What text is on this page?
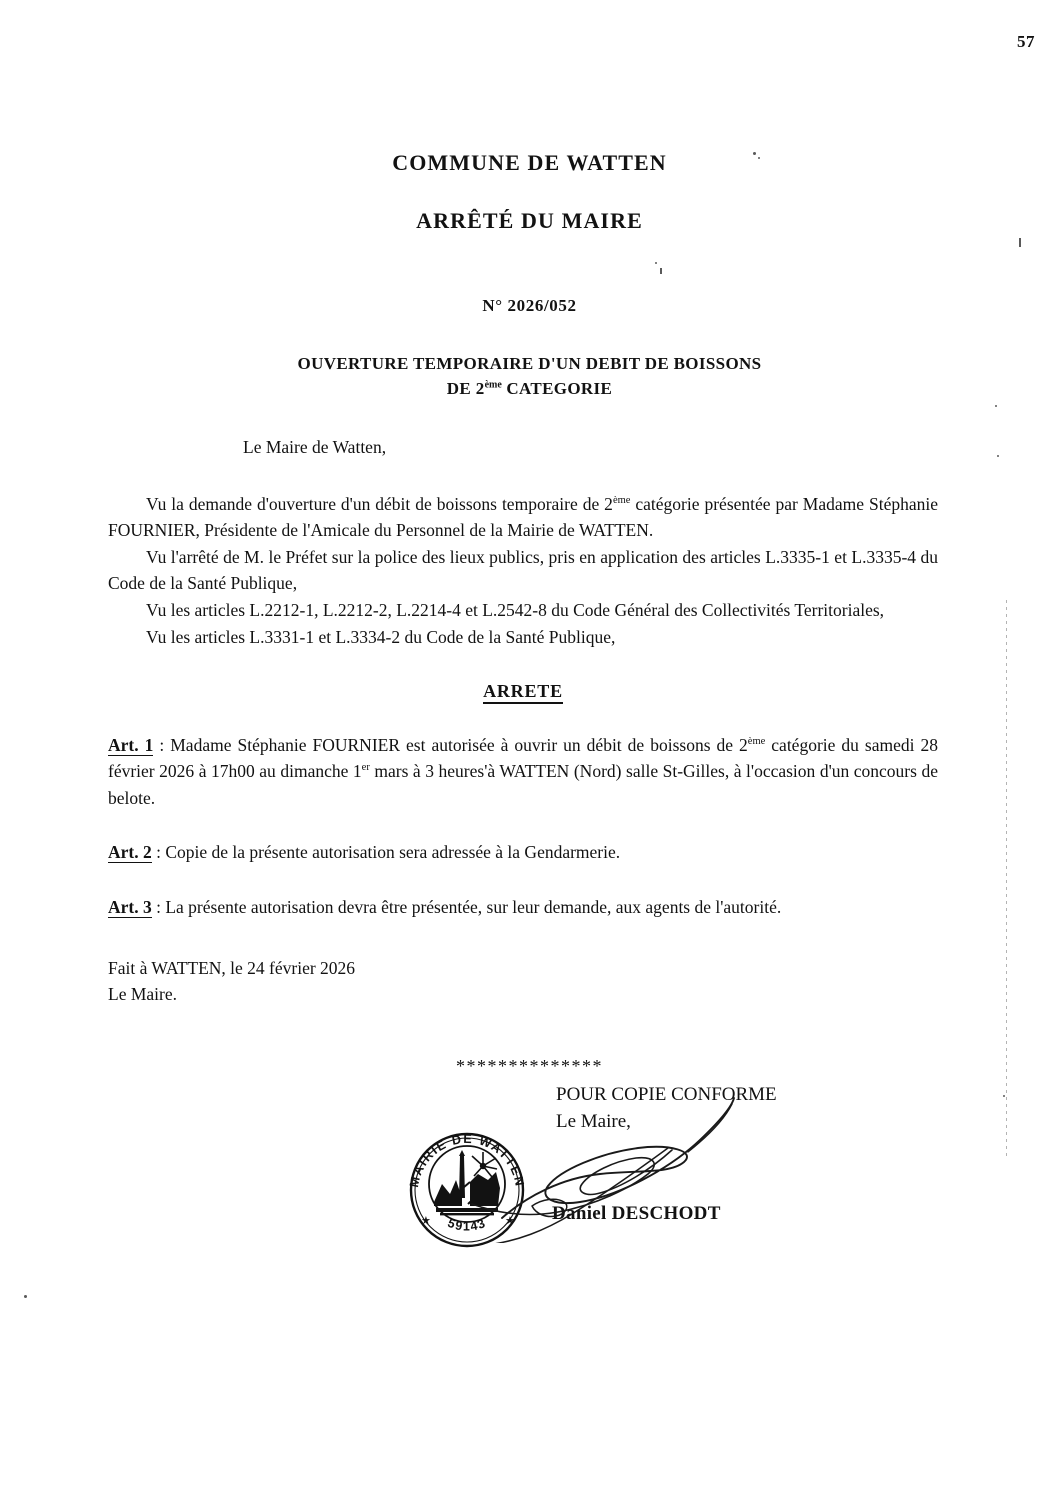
57
COMMUNE DE WATTEN
ARRÊTÉ DU MAIRE
N° 2026/052
OUVERTURE TEMPORAIRE D'UN DEBIT DE BOISSONS
DE 2ème CATEGORIE
Le Maire de Watten,

Vu la demande d'ouverture d'un débit de boissons temporaire de 2ème catégorie présentée par Madame Stéphanie FOURNIER, Présidente de l'Amicale du Personnel de la Mairie de WATTEN.

Vu l'arrêté de M. le Préfet sur la police des lieux publics, pris en application des articles L.3335-1 et L.3335-4 du Code de la Santé Publique,

Vu les articles L.2212-1, L.2212-2, L.2214-4 et L.2542-8 du Code Général des Collectivités Territoriales,

Vu les articles L.3331-1 et L.3334-2 du Code de la Santé Publique,

ARRETE

Art. 1 : Madame Stéphanie FOURNIER est autorisée à ouvrir un débit de boissons de 2ème catégorie du samedi 28 février 2026 à 17h00 au dimanche 1er mars à 3 heures'à WATTEN (Nord) salle St-Gilles, à l'occasion d'un concours de belote.

Art. 2 : Copie de la présente autorisation sera adressée à la Gendarmerie.

Art. 3 : La présente autorisation devra être présentée, sur leur demande, aux agents de l'autorité.

Fait à WATTEN, le 24 février 2026
Le Maire.
**************
POUR COPIE CONFORME
Le Maire,
Daniel DESCHODT
MAIRIE DE WATTEN
59143
★	★
